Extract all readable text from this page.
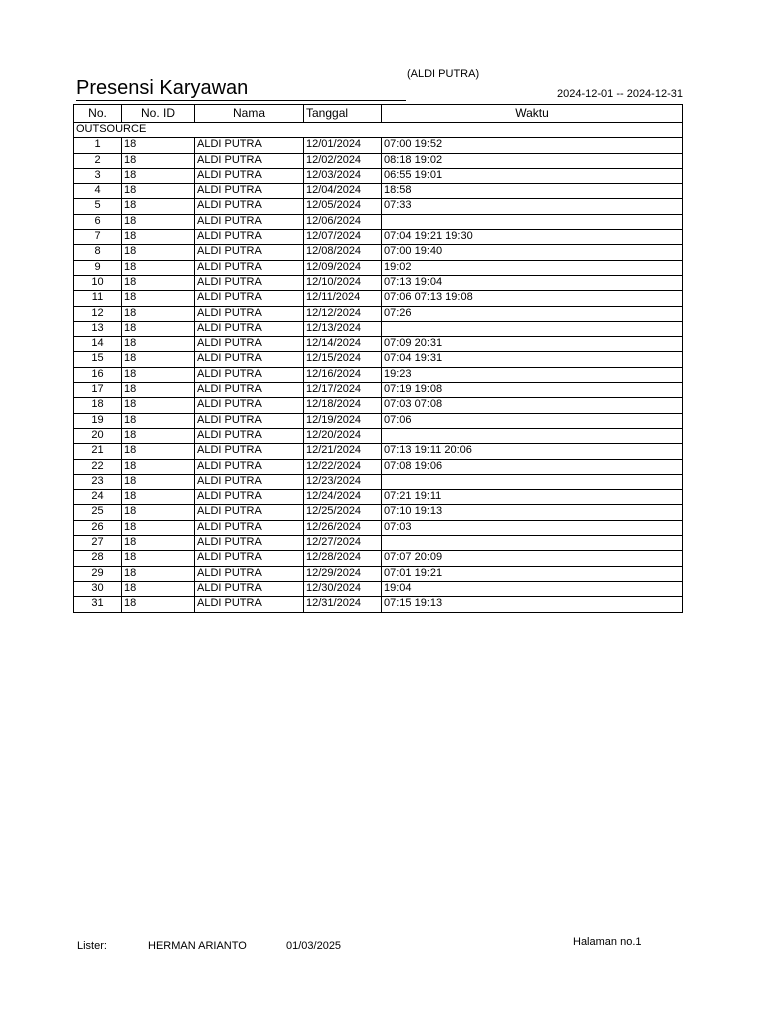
Presensi Karyawan
(ALDI PUTRA)
2024-12-01 -- 2024-12-31
No.	No. ID	Nama	Tanggal	Waktu
OUTSOURCE				
1	18	ALDI PUTRA	12/01/2024	07:00 19:52
2	18	ALDI PUTRA	12/02/2024	08:18 19:02
3	18	ALDI PUTRA	12/03/2024	06:55 19:01
4	18	ALDI PUTRA	12/04/2024	18:58
5	18	ALDI PUTRA	12/05/2024	07:33
6	18	ALDI PUTRA	12/06/2024	
7	18	ALDI PUTRA	12/07/2024	07:04 19:21 19:30
8	18	ALDI PUTRA	12/08/2024	07:00 19:40
9	18	ALDI PUTRA	12/09/2024	19:02
10	18	ALDI PUTRA	12/10/2024	07:13 19:04
11	18	ALDI PUTRA	12/11/2024	07:06 07:13 19:08
12	18	ALDI PUTRA	12/12/2024	07:26
13	18	ALDI PUTRA	12/13/2024	
14	18	ALDI PUTRA	12/14/2024	07:09 20:31
15	18	ALDI PUTRA	12/15/2024	07:04 19:31
16	18	ALDI PUTRA	12/16/2024	19:23
17	18	ALDI PUTRA	12/17/2024	07:19 19:08
18	18	ALDI PUTRA	12/18/2024	07:03 07:08
19	18	ALDI PUTRA	12/19/2024	07:06
20	18	ALDI PUTRA	12/20/2024	
21	18	ALDI PUTRA	12/21/2024	07:13 19:11 20:06
22	18	ALDI PUTRA	12/22/2024	07:08 19:06
23	18	ALDI PUTRA	12/23/2024	
24	18	ALDI PUTRA	12/24/2024	07:21 19:11
25	18	ALDI PUTRA	12/25/2024	07:10 19:13
26	18	ALDI PUTRA	12/26/2024	07:03
27	18	ALDI PUTRA	12/27/2024	
28	18	ALDI PUTRA	12/28/2024	07:07 20:09
29	18	ALDI PUTRA	12/29/2024	07:01 19:21
30	18	ALDI PUTRA	12/30/2024	19:04
31	18	ALDI PUTRA	12/31/2024	07:15 19:13
Lister:	HERMAN ARIANTO	01/03/2025	Halaman no.1
